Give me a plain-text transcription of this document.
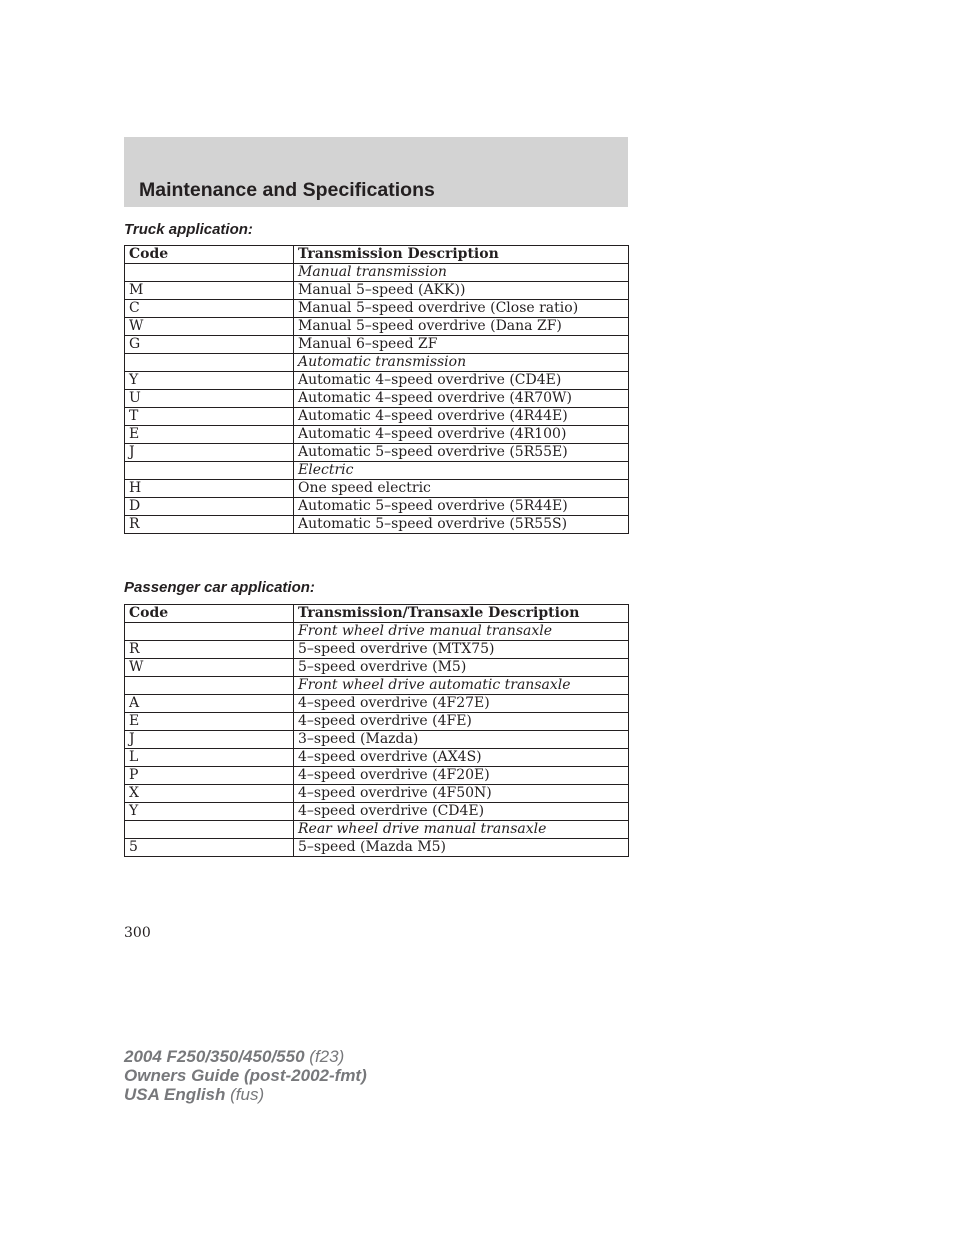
Maintenance and Specifications
Truck application:
Code	Transmission Description
	Manual transmission
M	Manual 5–speed (AKK))
C	Manual 5–speed overdrive (Close ratio)
W	Manual 5–speed overdrive (Dana ZF)
G	Manual 6–speed ZF
	Automatic transmission
Y	Automatic 4–speed overdrive (CD4E)
U	Automatic 4–speed overdrive (4R70W)
T	Automatic 4–speed overdrive (4R44E)
E	Automatic 4–speed overdrive (4R100)
J	Automatic 5–speed overdrive (5R55E)
	Electric
H	One speed electric
D	Automatic 5–speed overdrive (5R44E)
R	Automatic 5–speed overdrive (5R55S)
Passenger car application:
Code	Transmission/Transaxle Description
	Front wheel drive manual transaxle
R	5–speed overdrive (MTX75)
W	5–speed overdrive (M5)
	Front wheel drive automatic transaxle
A	4–speed overdrive (4F27E)
E	4–speed overdrive (4FE)
J	3–speed (Mazda)
L	4–speed overdrive (AX4S)
P	4–speed overdrive (4F20E)
X	4–speed overdrive (4F50N)
Y	4–speed overdrive (CD4E)
	Rear wheel drive manual transaxle
5	5–speed (Mazda M5)
300
2004 F250/350/450/550 (f23)
Owners Guide (post-2002-fmt)
USA English (fus)
